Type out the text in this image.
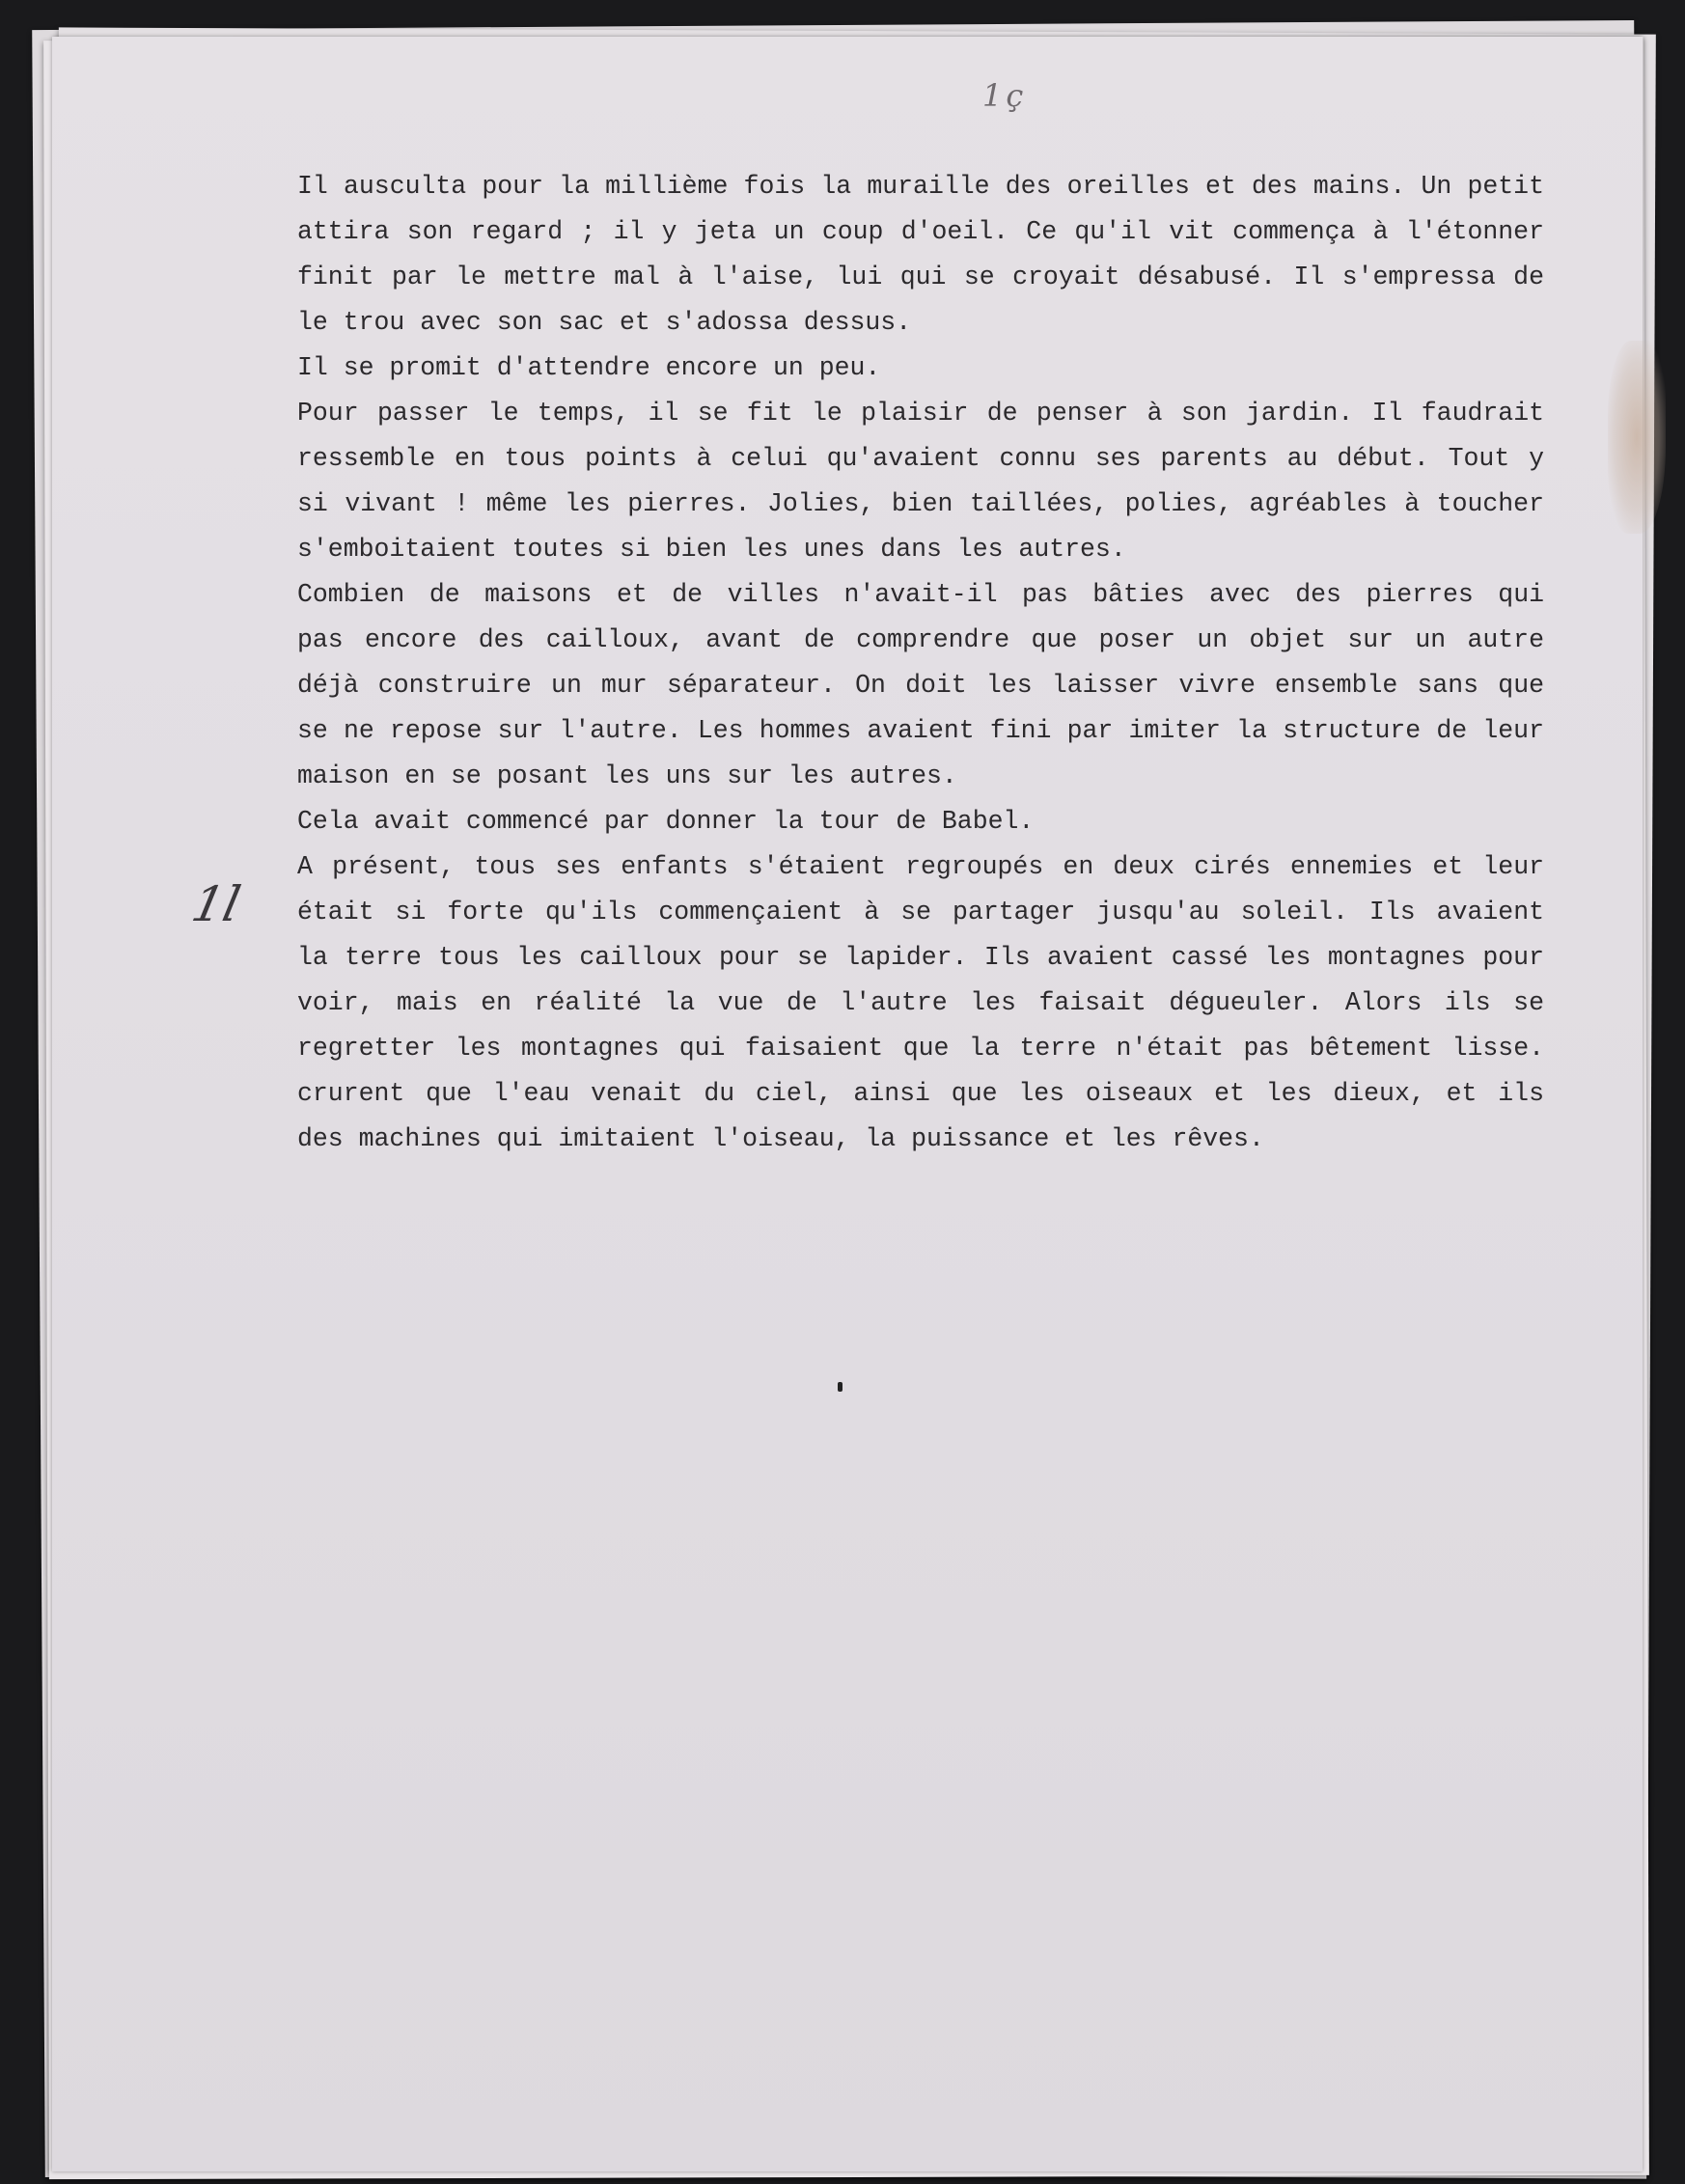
1ç
1l
Il ausculta pour la millième fois la muraille des oreilles et des mains. Un petit
attira son regard ; il y jeta un coup d'oeil. Ce qu'il vit commença à l'étonner
finit par le mettre mal à l'aise, lui qui se croyait désabusé. Il s'empressa de
le trou avec son sac et s'adossa dessus.
Il se promit d'attendre encore un peu.
Pour passer le temps, il se fit le plaisir de penser à son jardin. Il faudrait
ressemble en tous points à celui qu'avaient connu ses parents au début. Tout y
si vivant ! même les pierres. Jolies, bien taillées, polies, agréables à toucher
s'emboitaient toutes si bien les unes dans les autres.
Combien de maisons et de villes n'avait-il pas bâties avec des pierres qui
pas encore des cailloux, avant de comprendre que poser un objet sur un autre
déjà construire un mur séparateur. On doit les laisser vivre ensemble sans que
se ne repose sur l'autre. Les hommes avaient fini par imiter la structure de leur
maison en se posant les uns sur les autres.
Cela avait commencé par donner la tour de Babel.
A présent, tous ses enfants s'étaient regroupés en deux cirés ennemies et leur
était si forte qu'ils commençaient à se partager jusqu'au soleil. Ils avaient
la terre tous les cailloux pour se lapider. Ils avaient cassé les montagnes pour
voir, mais en réalité la vue de l'autre les faisait dégueuler. Alors ils se
regretter les montagnes qui faisaient que la terre n'était pas bêtement lisse.
crurent que l'eau venait du ciel, ainsi que les oiseaux et les dieux, et ils
des machines qui imitaient l'oiseau, la puissance et les rêves.
